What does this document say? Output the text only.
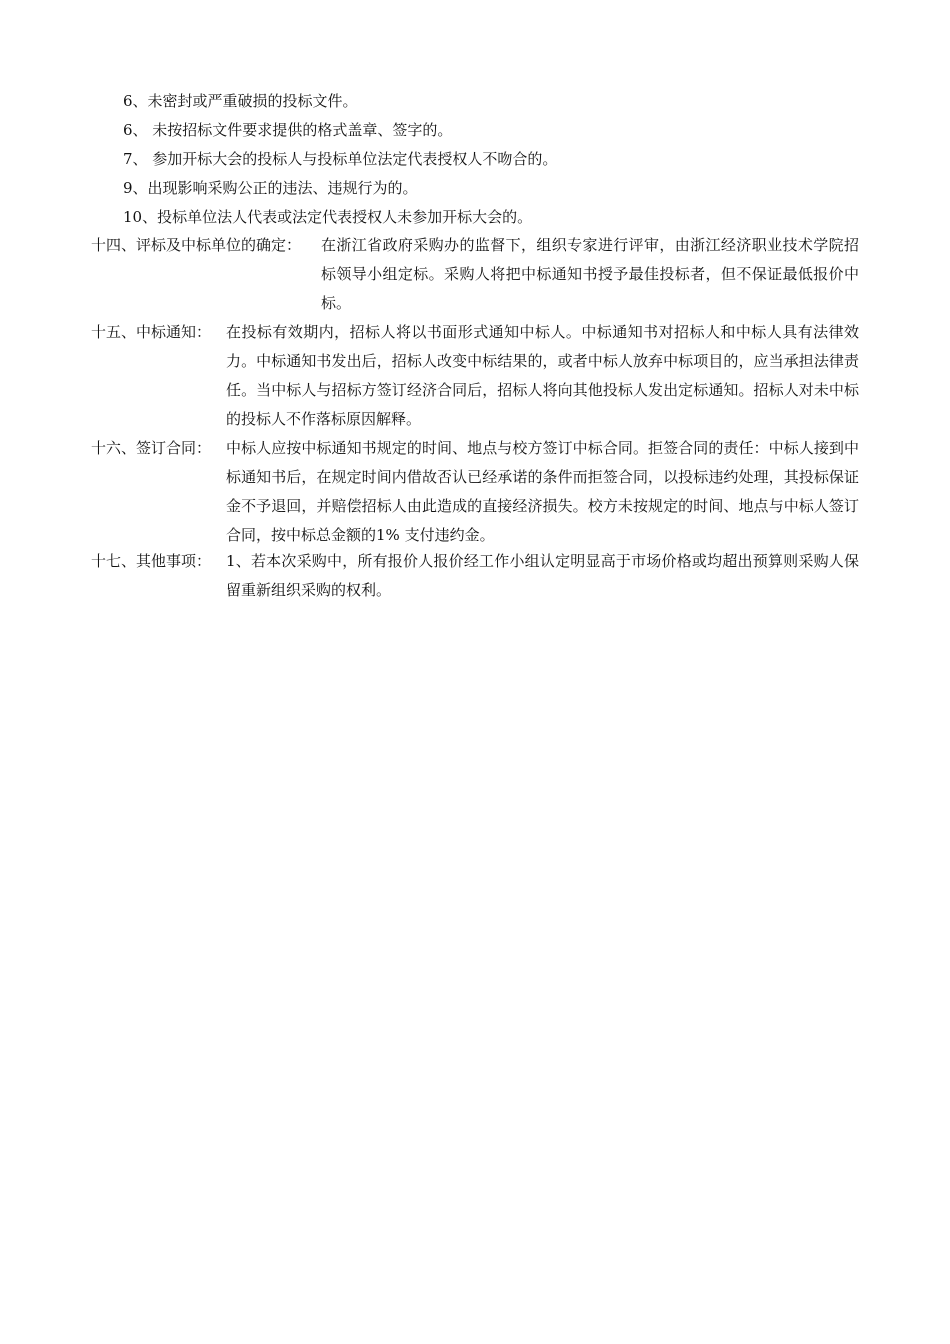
6、未密封或严重破损的投标文件。
6、 未按招标文件要求提供的格式盖章、签字的。
7、 参加开标大会的投标人与投标单位法定代表授权人不吻合的。
9、出现影响采购公正的违法、违规行为的。
10、投标单位法人代表或法定代表授权人未参加开标大会的。
十四、评标及中标单位的确定： 在浙江省政府采购办的监督下，组织专家进行评审，由浙江经济职业技术学院招标领导小组定标。采购人将把中标通知书授予最佳投标者，但不保证最低报价中标。
十五、中标通知： 在投标有效期内，招标人将以书面形式通知中标人。中标通知书对招标人和中标人具有法律效力。中标通知书发出后，招标人改变中标结果的，或者中标人放弃中标项目的，应当承担法律责任。当中标人与招标方签订经济合同后，招标人将向其他投标人发出定标通知。招标人对未中标的投标人不作落标原因解释。
十六、签订合同： 中标人应按中标通知书规定的时间、地点与校方签订中标合同。拒签合同的责任：中标人接到中标通知书后，在规定时间内借故否认已经承诺的条件而拒签合同，以投标违约处理，其投标保证金不予退回，并赔偿招标人由此造成的直接经济损失。校方未按规定的时间、地点与中标人签订合同，按中标总金额的1% 支付违约金。
十七、其他事项： 1、若本次采购中，所有报价人报价经工作小组认定明显高于市场价格或均超出预算则采购人保留重新组织采购的权利。
